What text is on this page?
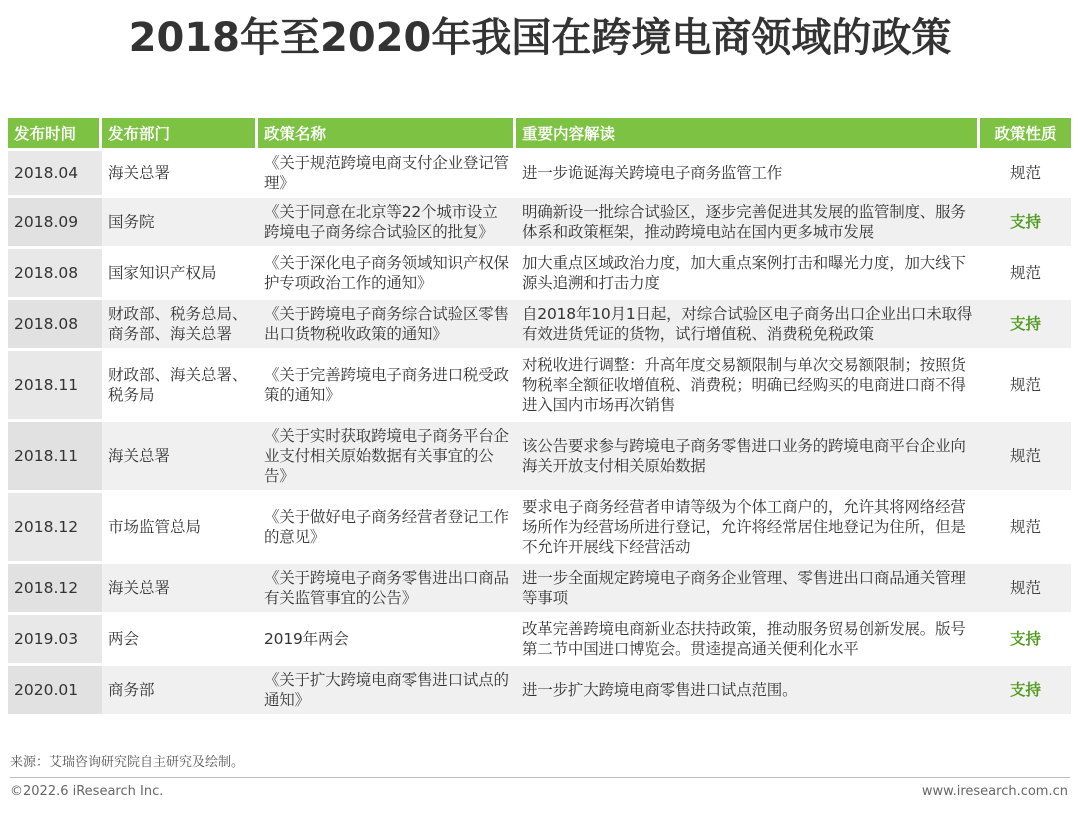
2018年至2020年我国在跨境电商领域的政策
发布时间	发布部门	政策名称	重要内容解读	政策性质
2018.04	海关总署	《关于规范跨境电商支付企业登记管理》	进一步诡诞海关跨境电子商务监管工作	规范
2018.09	国务院	《关于同意在北京等22个城市设立跨境电子商务综合试验区的批复》	明确新设一批综合试验区，逐步完善促进其发展的监管制度、服务体系和政策框架，推动跨境电站在国内更多城市发展	支持
2018.08	国家知识产权局	《关于深化电子商务领域知识产权保护专项政治工作的通知》	加大重点区域政治力度，加大重点案例打击和曝光力度，加大线下源头追溯和打击力度	规范
2018.08	财政部、税务总局、商务部、海关总署	《关于跨境电子商务综合试验区零售出口货物税收政策的通知》	自2018年10月1日起，对综合试验区电子商务出口企业出口未取得有效进货凭证的货物，试行增值税、消费税免税政策	支持
2018.11	财政部、海关总署、税务局	《关于完善跨境电子商务进口税受政策的通知》	对税收进行调整：升高年度交易额限制与单次交易额限制；按照货物税率全额征收增值税、消费税；明确已经购买的电商进口商不得进入国内市场再次销售	规范
2018.11	海关总署	《关于实时获取跨境电子商务平台企业支付相关原始数据有关事宜的公告》	该公告要求参与跨境电子商务零售进口业务的跨境电商平台企业向海关开放支付相关原始数据	规范
2018.12	市场监管总局	《关于做好电子商务经营者登记工作的意见》	要求电子商务经营者申请等级为个体工商户的，允许其将网络经营场所作为经营场所进行登记，允许将经常居住地登记为住所，但是不允许开展线下经营活动	规范
2018.12	海关总署	《关于跨境电子商务零售进出口商品有关监管事宜的公告》	进一步全面规定跨境电子商务企业管理、零售进出口商品通关管理等事项	规范
2019.03	两会	2019年两会	改革完善跨境电商新业态扶持政策，推动服务贸易创新发展。版号第二节中国进口博览会。贯逵提高通关便利化水平	支持
2020.01	商务部	《关于扩大跨境电商零售进口试点的通知》	进一步扩大跨境电商零售进口试点范围。	支持
来源：艾瑞咨询研究院自主研究及绘制。
©2022.6 iResearch Inc.	www.iresearch.com.cn
